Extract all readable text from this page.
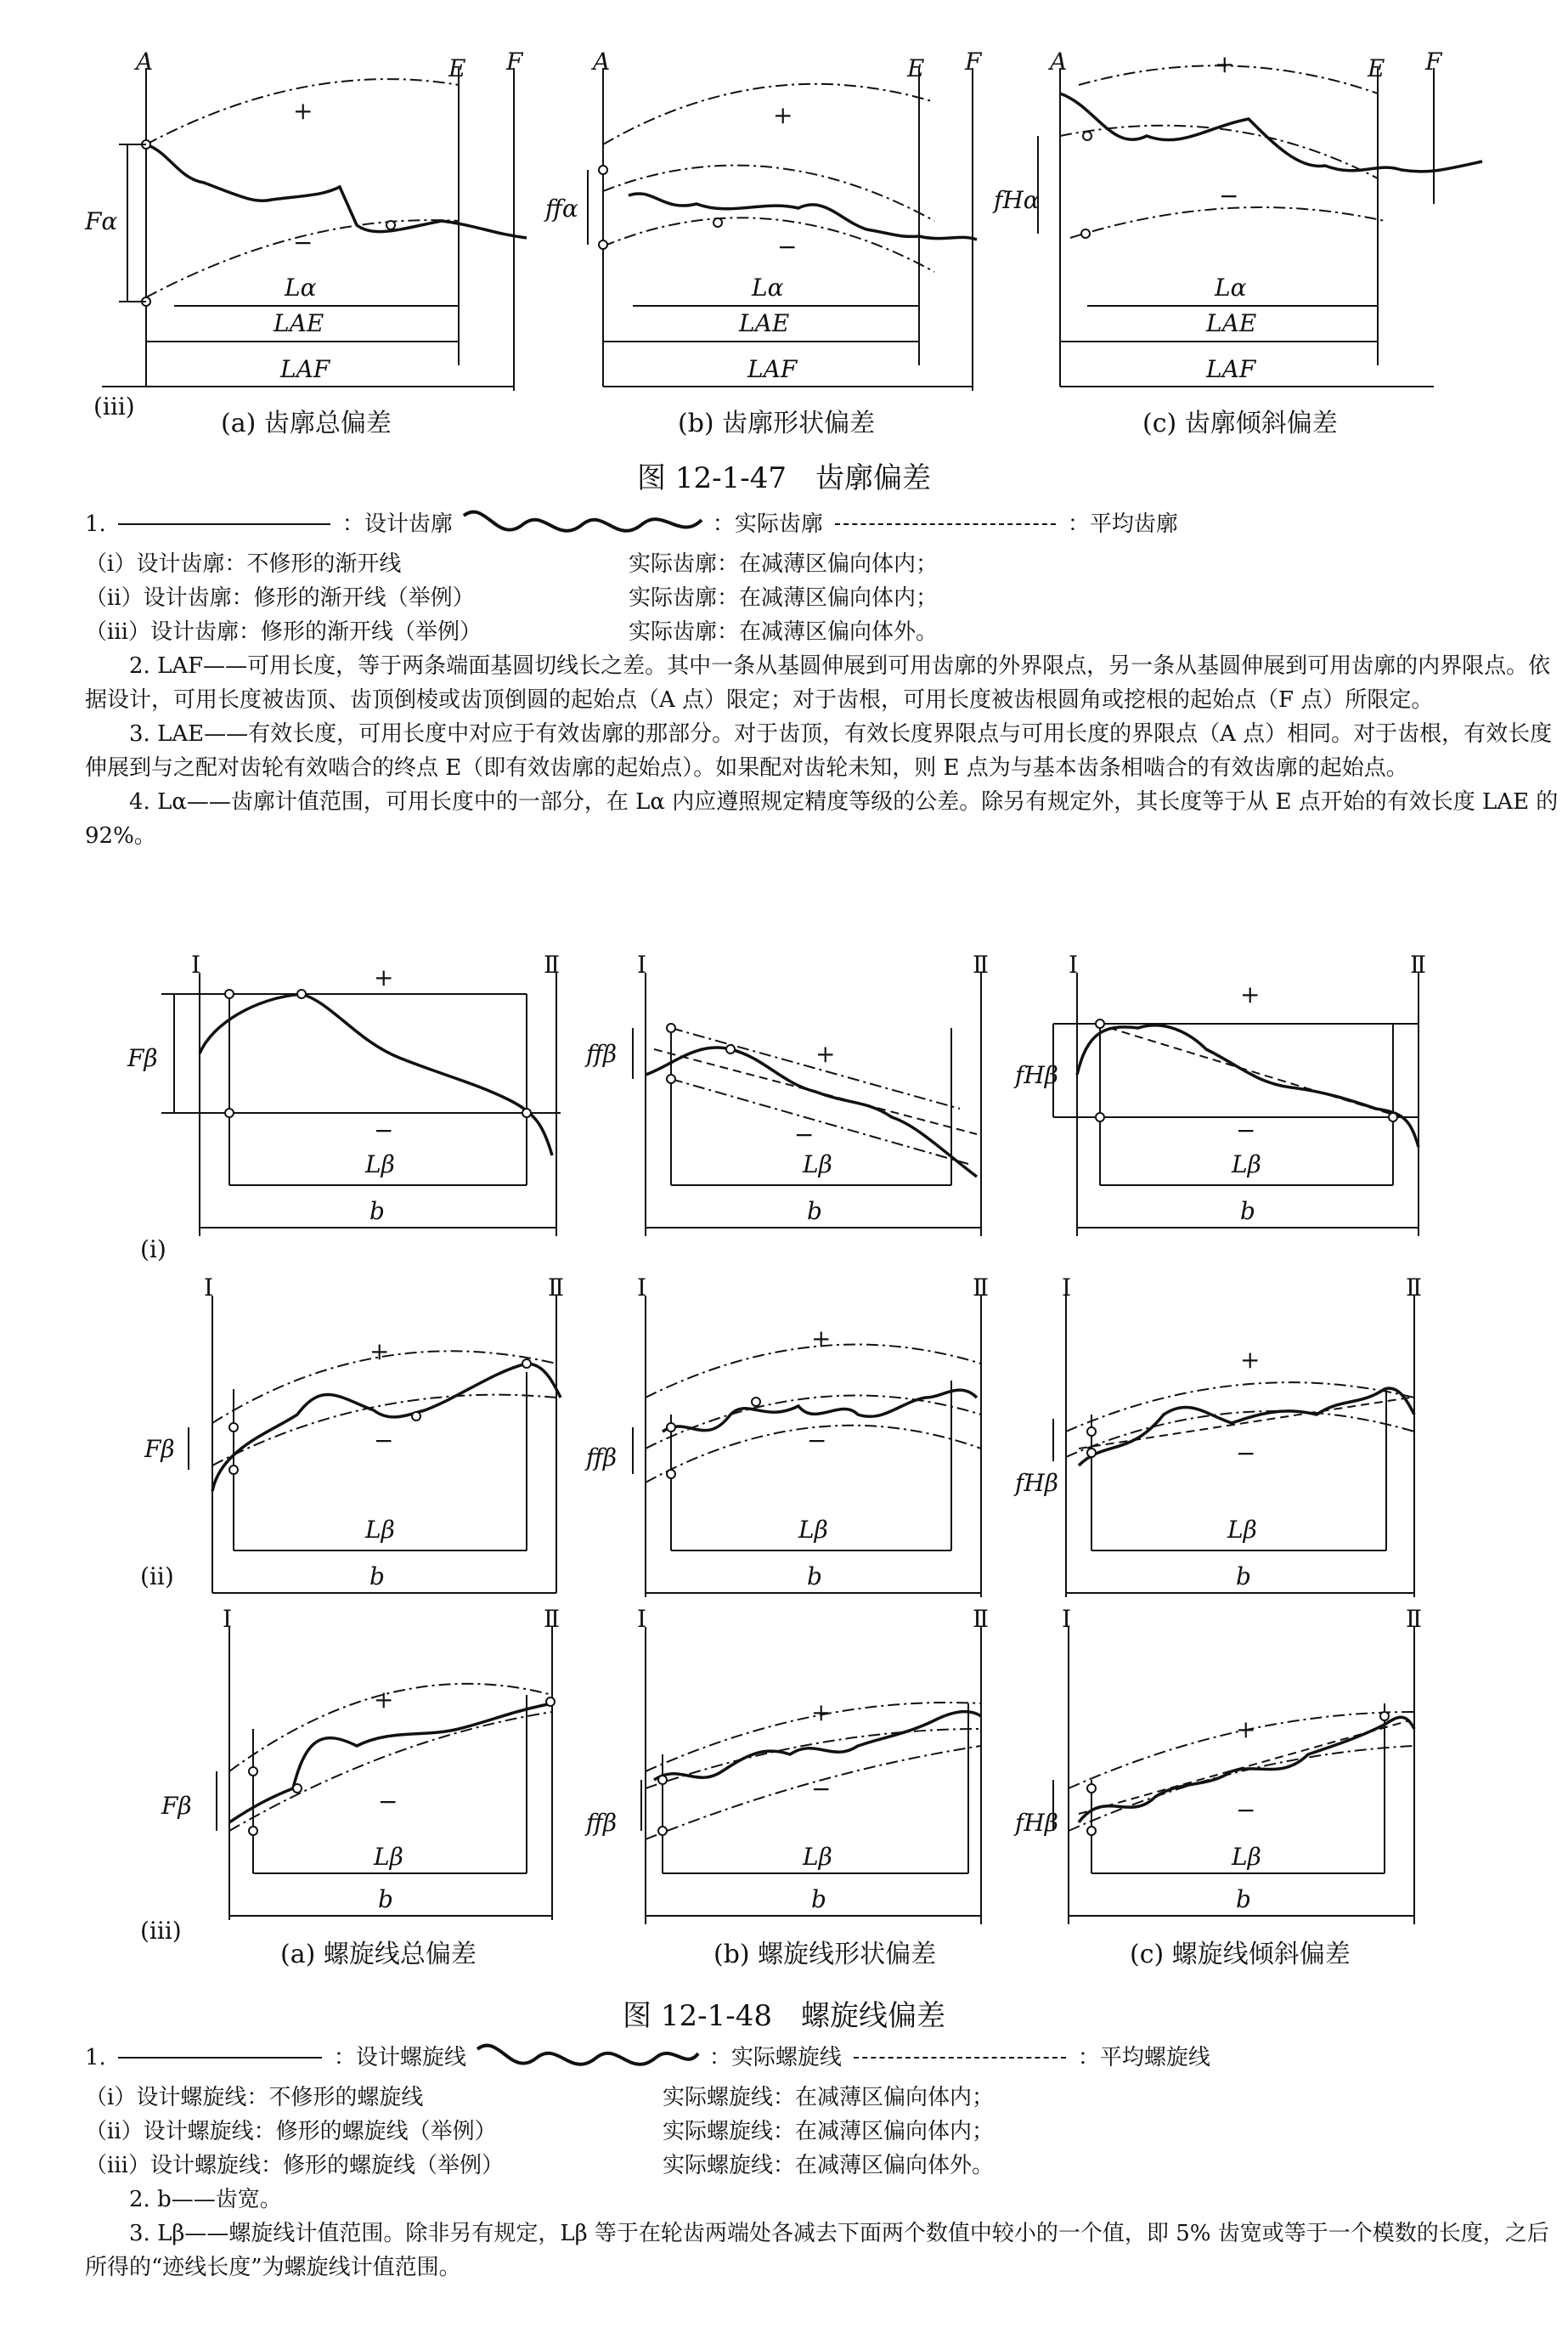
A	E F
+
−
Fα
Lα
LAE
LAF
(iii)
A	E F
+
−
ffα
Lα
LAE
LAF
A	E F
+
−
fHα
Lα
LAE
LAF
(a) 齿廓总偏差	(b) 齿廓形状偏差	(c) 齿廓倾斜偏差
图 12-1-47　齿廓偏差
1.	：设计齿廓	：实际齿廓	：平均齿廓
（ⅰ）设计齿廓：不修形的渐开线	实际齿廓：在减薄区偏向体内；
（ⅱ）设计齿廓：修形的渐开线（举例）	实际齿廓：在减薄区偏向体内；
（ⅲ）设计齿廓：修形的渐开线（举例）	实际齿廓：在减薄区偏向体外。

2. LAF——可用长度，等于两条端面基圆切线长之差。其中一条从基圆伸展到可用齿廓的外界限点，另一条从基圆伸展到可用齿廓的内界限点。依据设计，可用长度被齿顶、齿顶倒棱或齿顶倒圆的起始点（A 点）限定；对于齿根，可用长度被齿根圆角或挖根的起始点（F 点）所限定。

3. LAE——有效长度，可用长度中对应于有效齿廓的那部分。对于齿顶，有效长度界限点与可用长度的界限点（A 点）相同。对于齿根，有效长度伸展到与之配对齿轮有效啮合的终点 E（即有效齿廓的起始点）。如果配对齿轮未知，则 E 点为与基本齿条相啮合的有效齿廓的起始点。

4. Lα——齿廓计值范围，可用长度中的一部分，在 Lα 内应遵照规定精度等级的公差。除另有规定外，其长度等于从 E 点开始的有效长度 LAE 的 92%。

Ⅰ	Ⅱ
+
−
Fβ
Lβ
b
(i)
Ⅰ	Ⅱ
+
−
ffβ
Lβ
b
Ⅰ	Ⅱ
+
−
fHβ
Lβ
b
Ⅰ	Ⅱ
+
−
Fβ
Lβ
b
(ii)
Ⅰ	Ⅱ
+
−
ffβ
Lβ
b
Ⅰ	Ⅱ
+
−
fHβ
Lβ
b
Ⅰ	Ⅱ
+
−
Fβ
Lβ
b
(iii)
Ⅰ	Ⅱ
+
−
ffβ
Lβ
b
Ⅰ	Ⅱ
+
−
fHβ
Lβ
b
(a) 螺旋线总偏差	(b) 螺旋线形状偏差	(c) 螺旋线倾斜偏差
图 12-1-48　螺旋线偏差
1.	：设计螺旋线	：实际螺旋线	：平均螺旋线
（ⅰ）设计螺旋线：不修形的螺旋线	实际螺旋线：在减薄区偏向体内；
（ⅱ）设计螺旋线：修形的螺旋线（举例）	实际螺旋线：在减薄区偏向体内；
（ⅲ）设计螺旋线：修形的螺旋线（举例）	实际螺旋线：在减薄区偏向体外。

2. b——齿宽。

3. Lβ——螺旋线计值范围。除非另有规定，Lβ 等于在轮齿两端处各减去下面两个数值中较小的一个值，即 5% 齿宽或等于一个模数的长度，之后所得的“迹线长度”为螺旋线计值范围。
